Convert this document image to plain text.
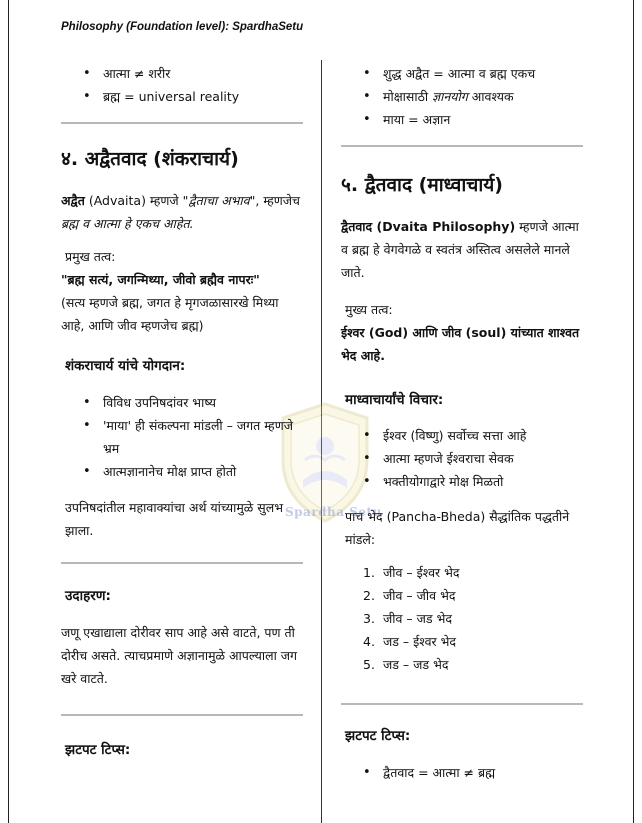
Philosophy (Foundation level): SpardhaSetu
Spardha Setu
• आत्मा ≠ शरीर
• ब्रह्म = universal reality
४. अद्वैतवाद (शंकराचार्य)

अद्वैत (Advaita) म्हणजे "द्वैताचा अभाव", म्हणजेच ब्रह्म व आत्मा हे एकच आहेत.

प्रमुख तत्व:

"ब्रह्म सत्यं, जगन्मिथ्या, जीवो ब्रह्मैव नापरः"

(सत्य म्हणजे ब्रह्म, जगत हे मृगजळासारखे मिथ्या आहे, आणि जीव म्हणजेच ब्रह्म)

शंकराचार्य यांचे योगदान:
• विविध उपनिषदांवर भाष्य
• 'माया' ही संकल्पना मांडली – जगत म्हणजे भ्रम
• आत्मज्ञानानेच मोक्ष प्राप्त होतो

उपनिषदांतील महावाक्यांचा अर्थ यांच्यामुळे सुलभ झाला.

उदाहरण:

जणू एखाद्याला दोरीवर साप आहे असे वाटते, पण ती दोरीच असते. त्याचप्रमाणे अज्ञानामुळे आपल्याला जग खरे वाटते.

झटपट टिप्स:
• शुद्ध अद्वैत = आत्मा व ब्रह्म एकच
• मोक्षासाठी ज्ञानयोग आवश्यक
• माया = अज्ञान
५. द्वैतवाद (माध्वाचार्य)

द्वैतवाद (Dvaita Philosophy) म्हणजे आत्मा व ब्रह्म हे वेगवेगळे व स्वतंत्र अस्तित्व असलेले मानले जाते.

मुख्य तत्व:

ईश्वर (God) आणि जीव (soul) यांच्यात शाश्वत भेद आहे.

माध्वाचार्यांचे विचार:
• ईश्वर (विष्णु) सर्वोच्च सत्ता आहे
• आत्मा म्हणजे ईश्वराचा सेवक
• भक्तीयोगाद्वारे मोक्ष मिळतो

पाच भेद (Pancha-Bheda) सैद्धांतिक पद्धतीने मांडले:

1. जीव – ईश्वर भेद
2. जीव – जीव भेद
3. जीव – जड भेद
4. जड – ईश्वर भेद
5. जड – जड भेद
झटपट टिप्स:
• द्वैतवाद = आत्मा ≠ ब्रह्म
